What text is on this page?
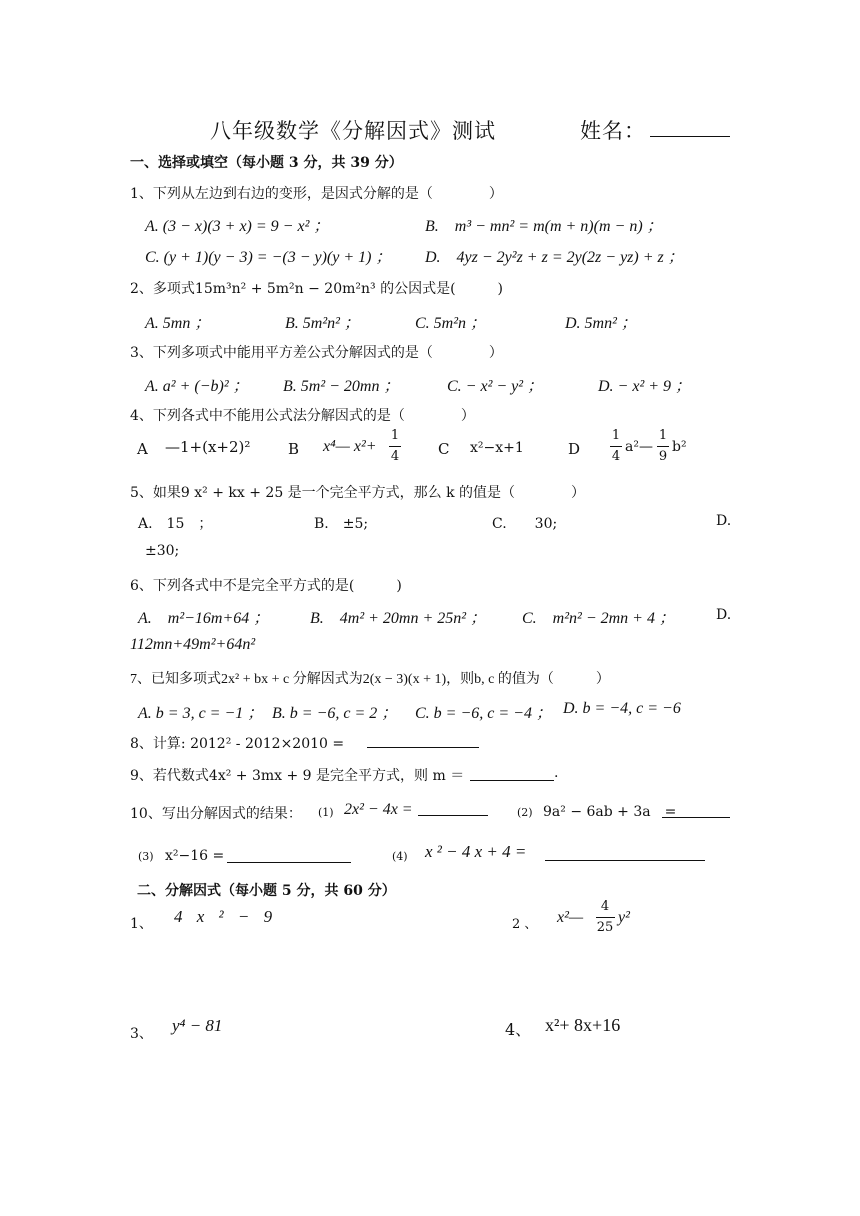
八年级数学《分解因式》测试	姓名：
一、选择或填空（每小题 3 分，共 39 分）
1、下列从左边到右边的变形，是因式分解的是（　　　　）
A. (3 − x)(3 + x) = 9 − x² ；	B.　m³ − mn² = m(m + n)(m − n) ；
C. (y + 1)(y − 3) = −(3 − y)(y + 1) ； D.　4yz − 2y²z + z = 2y(2z − yz) + z ；
2、多项式15m³n² + 5m²n − 20m²n³ 的公因式是(　　　)
A. 5mn ；	B. 5m²n² ；	C. 5m²n ；	D. 5mn² ；
3、下列多项式中能用平方差公式分解因式的是（　　　　）
A. a² + (−b)² ； B. 5m² − 20mn ；	C. − x² − y² ；	D. − x² + 9 ；
4、下列各式中不能用公式法分解因式的是（　　　　）
A —1+(x+2)²	B x⁴— x²+
1
4	C x²−x+1	D
1
4
a²—
1
9
b²
5、如果9 x² + kx + 25 是一个完全平方式，那么 k 的值是（　　　　）
A.　15　；	B.　±5;	C.　　30;	D.
±30;
6、下列各式中不是完全平方式的是(　　　)
A.　m²−16m+64 ；	B.　4m² + 20mn + 25n² ； C.　m²n² − 2mn + 4 ；	D.
112mn+49m²+64n²
7、已知多项式2x² + bx + c 分解因式为2(x − 3)(x + 1)，则b, c 的值为（　　　）
A. b = 3, c = −1 ； B. b = −6, c = 2 ； C. b = −6, c = −4 ； D. b = −4, c = −6
8、计算: 2012² - 2012×2010 =
9、若代数式4x² + 3mx + 9 是完全平方式，则 m ＝	.
10、写出分解因式的结果： (1) 2x² − 4x =	(2) 9a² − 6ab + 3a　=
(3) x²−16 =	(4) x ² − 4 x + 4 =
二、分解因式（每小题 5 分，共 60 分）
1、 4 x ² − 9	2 、 x²—
4
25
y²
3、 y⁴ − 81	4、 x²+ 8x+16
